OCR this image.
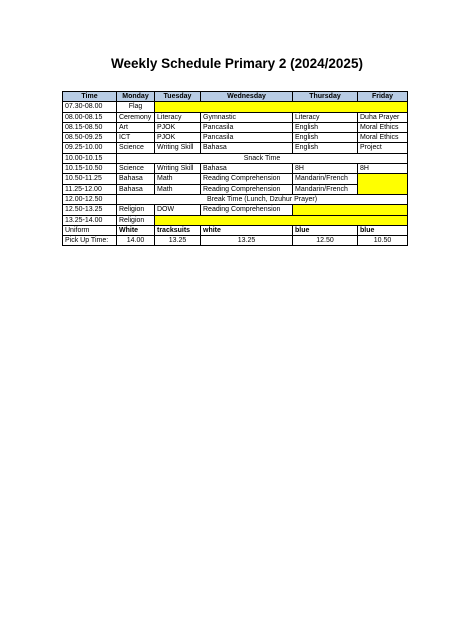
Weekly Schedule Primary 2 (2024/2025)
Time	Monday	Tuesday	Wednesday	Thursday	Friday
07.30-08.00	Flag				
08.00-08.15	Ceremony	Literacy	Gymnastic	Literacy	Duha Prayer
08.15-08.50	Art	PJOK	Pancasila	English	Moral Ethics
08.50-09.25	ICT	PJOK	Pancasila	English	Moral Ethics
09.25-10.00	Science	Writing Skill	Bahasa	English	Project
10.00-10.15	Snack Time				
10.15-10.50	Science	Writing Skill	Bahasa	8H	8H
10.50-11.25	Bahasa	Math	Reading Comprehension	Mandarin/French	
11.25-12.00	Bahasa	Math	Reading Comprehension	Mandarin/French	
12.00-12.50	Break Time (Lunch, Dzuhur Prayer)				
12.50-13.25	Religion	DOW	Reading Comprehension		
13.25-14.00	Religion				
Uniform	White	tracksuits	white	blue	blue
Pick Up Time:	14.00	13.25	13.25	12.50	10.50
